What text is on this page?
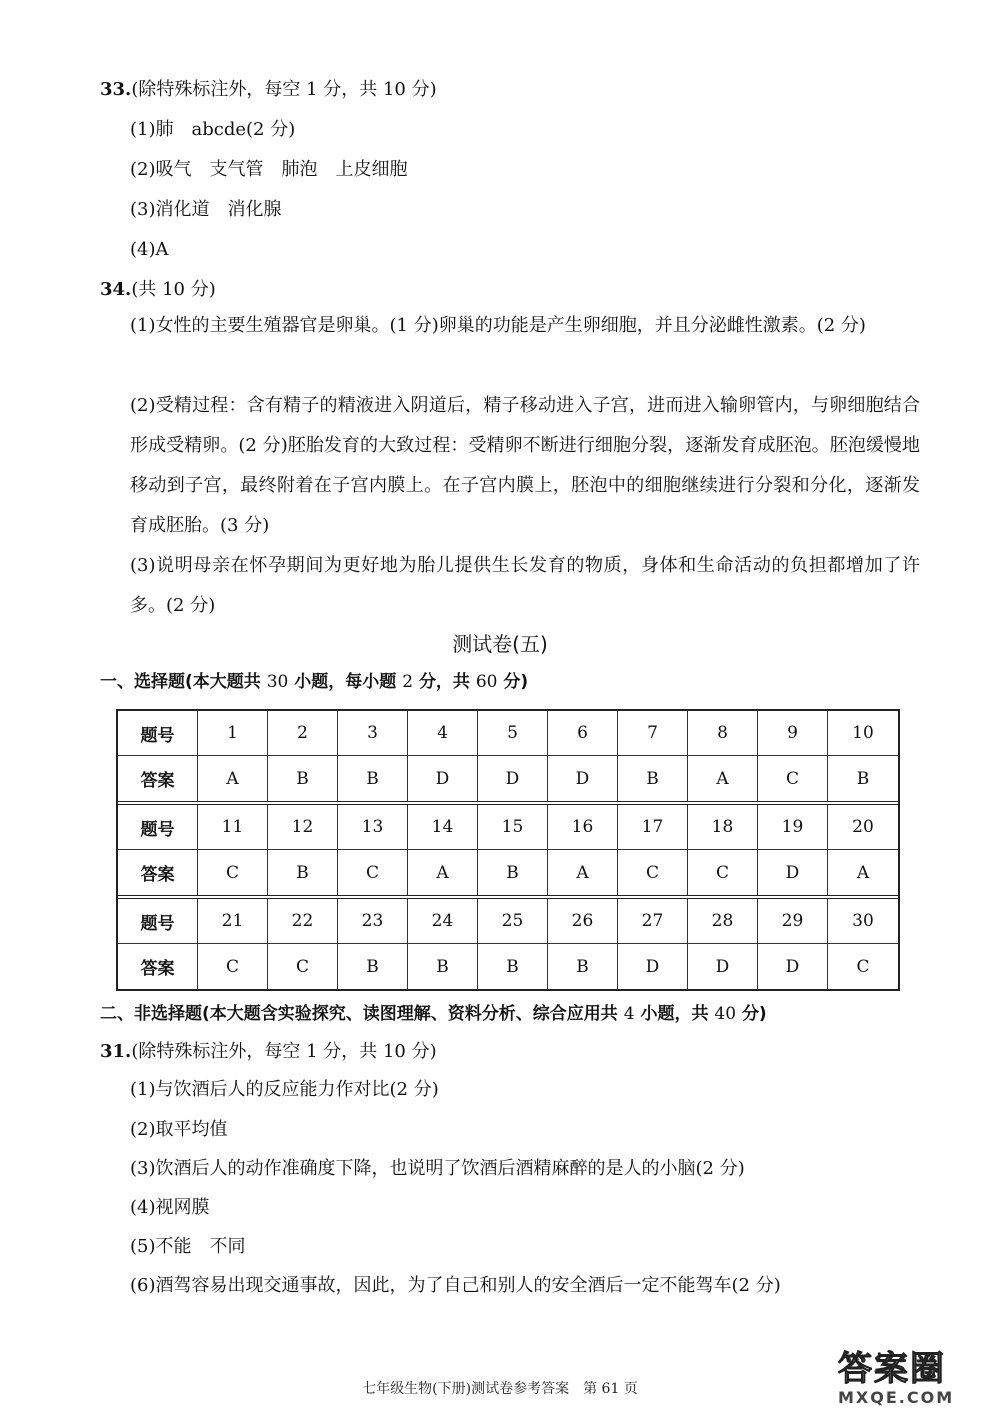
33.(除特殊标注外，每空 1 分，共 10 分)
(1)肺　abcde(2 分)
(2)吸气　支气管　肺泡　上皮细胞
(3)消化道　消化腺
(4)A
34.(共 10 分)
(1)女性的主要生殖器官是卵巢。(1 分)卵巢的功能是产生卵细胞，并且分泌雌性激素。(2 分)
(2)受精过程：含有精子的精液进入阴道后，精子移动进入子宫，进而进入输卵管内，与卵细胞结合形成受精卵。(2 分)胚胎发育的大致过程：受精卵不断进行细胞分裂，逐渐发育成胚泡。胚泡缓慢地移动到子宫，最终附着在子宫内膜上。在子宫内膜上，胚泡中的细胞继续进行分裂和分化，逐渐发育成胚胎。(3 分)
(3)说明母亲在怀孕期间为更好地为胎儿提供生长发育的物质，身体和生命活动的负担都增加了许多。(2 分)
测试卷(五)
一、选择题(本大题共 30 小题，每小题 2 分，共 60 分)
题号	1	2	3	4	5	6	7	8	9	10
答案	A	B	B	D	D	D	B	A	C	B
题号	11	12	13	14	15	16	17	18	19	20
答案	C	B	C	A	B	A	C	C	D	A
题号	21	22	23	24	25	26	27	28	29	30
答案	C	C	B	B	B	B	D	D	D	C
二、非选择题(本大题含实验探究、读图理解、资料分析、综合应用共 4 小题，共 40 分)
31.(除特殊标注外，每空 1 分，共 10 分)
(1)与饮酒后人的反应能力作对比(2 分)
(2)取平均值
(3)饮酒后人的动作准确度下降，也说明了饮酒后酒精麻醉的是人的小脑(2 分)
(4)视网膜
(5)不能　不同
(6)酒驾容易出现交通事故，因此，为了自己和别人的安全酒后一定不能驾车(2 分)
七年级生物(下册)测试卷参考答案　第 61 页	答案圈
MXQE.COM
